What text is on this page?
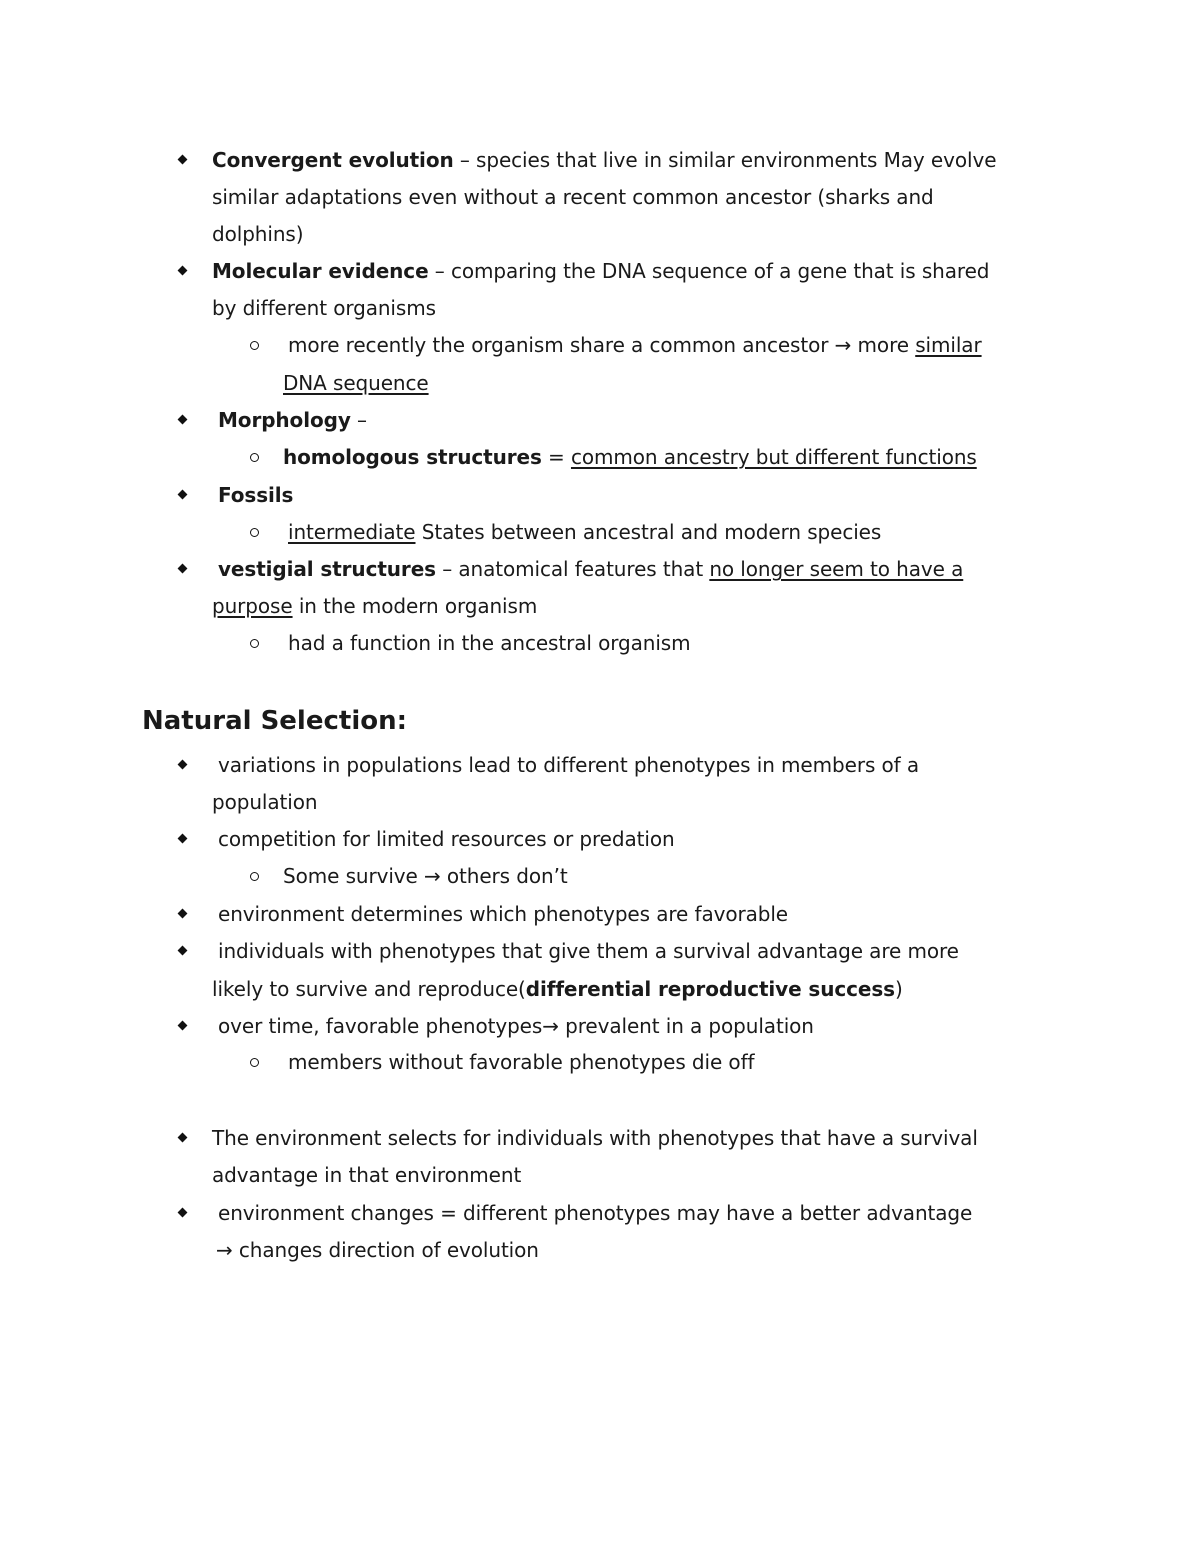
Convergent evolution – species that live in similar environments May evolve
similar adaptations even without a recent common ancestor (sharks and
dolphins)
Molecular evidence – comparing the DNA sequence of a gene that is shared
by different organisms
more recently the organism share a common ancestor → more similar
DNA sequence
Morphology –
homologous structures = common ancestry but different functions
Fossils
intermediate States between ancestral and modern species
vestigial structures – anatomical features that no longer seem to have a
purpose in the modern organism
had a function in the ancestral organism
Natural Selection:
variations in populations lead to different phenotypes in members of a
population
competition for limited resources or predation
Some survive → others don’t
environment determines which phenotypes are favorable
individuals with phenotypes that give them a survival advantage are more
likely to survive and reproduce(differential reproductive success)
over time, favorable phenotypes→ prevalent in a population
members without favorable phenotypes die off
The environment selects for individuals with phenotypes that have a survival
advantage in that environment
environment changes = different phenotypes may have a better advantage
→ changes direction of evolution
